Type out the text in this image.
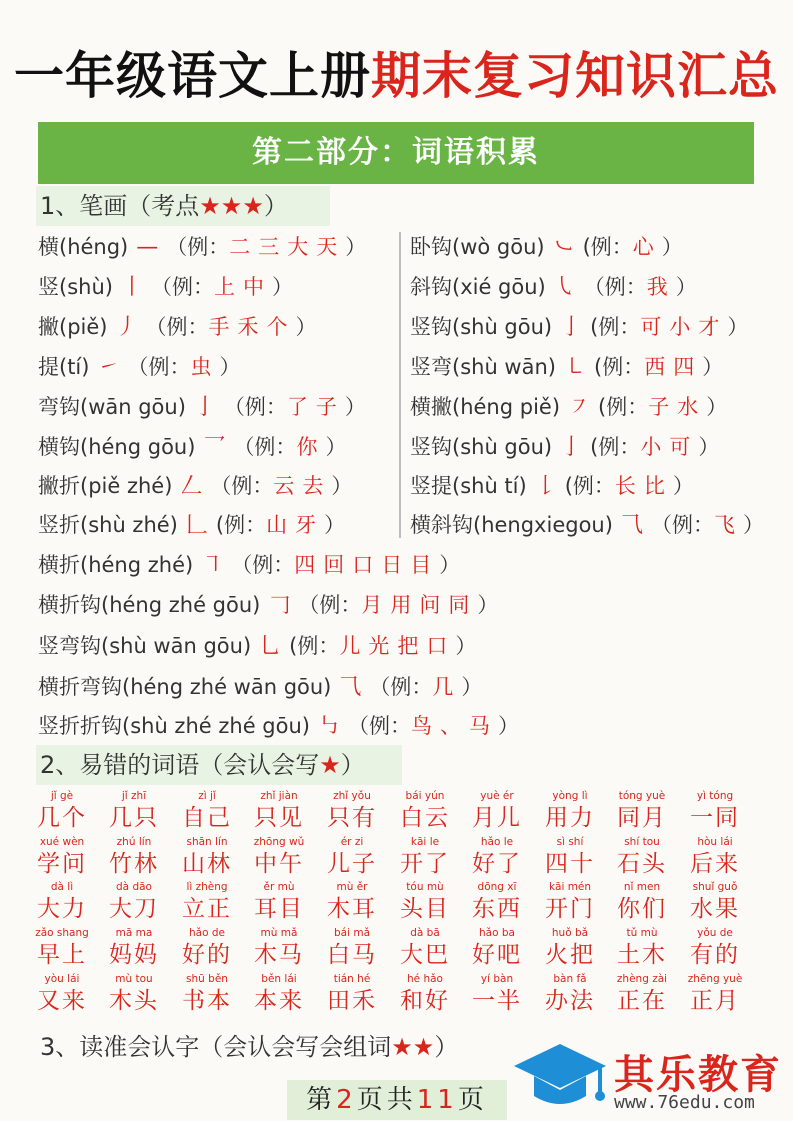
一年级语文上册期末复习知识汇总
第二部分：词语积累
1、笔画（考点★★★）
横(héng) — （例：二三大天）
竖(shù) 丨 （例：上中）
撇(piě) 丿 （例：手禾个）
提(tí) ㇀ （例：虫）
弯钩(wān gōu) 亅 （例：了子）
横钩(héng gōu) 乛 （例：你）
撇折(piě zhé) 𠃋 （例：云去）
竖折(shù zhé) 𠃊 (例：山牙）
卧钩(wò gōu) ㇃ (例：心）
斜钩(xié gōu) ㇂ （例：我）
竖钩(shù gōu) 亅 (例：可小才）
竖弯(shù wān) ㇄ (例：西四）
横撇(héng piě) ㇇ (例：子水）
竖钩(shù gōu) 亅 (例：小可）
竖提(shù tí) 𠄌 (例：长比）
横斜钩(hengxiegou) ⺄ （例：飞）
横折(héng zhé) ㇕ （例：四回口日目）
横折钩(héng zhé gōu) 𠃌 （例：月用问同）
竖弯钩(shù wān gōu) 乚 (例：儿光把口）
横折弯钩(héng zhé wān gōu) ⺄ （例：几）
竖折折钩(shù zhé zhé gōu) ㇉ （例：鸟、马）
2、易错的词语（会认会写★）
jǐ gè
几个
jǐ zhī
几只
zì jǐ
自己
zhǐ jiàn
只见
zhǐ yǒu
只有
bái yún
白云
yuè ér
月儿
yòng lì
用力
tóng yuè
同月
yì tóng
一同
xué wèn
学问
zhú lín
竹林
shān lín
山林
zhōng wǔ
中午
ér zi
儿子
kāi le
开了
hǎo le
好了
sì shí
四十
shí tou
石头
hòu lái
后来
dà lì
大力
dà dāo
大刀
lì zhèng
立正
ěr mù
耳目
mù ěr
木耳
tóu mù
头目
dōng xī
东西
kāi mén
开门
nǐ men
你们
shuǐ guǒ
水果
zǎo shang
早上
mā ma
妈妈
hǎo de
好的
mù mǎ
木马
bái mǎ
白马
dà bā
大巴
hǎo ba
好吧
huǒ bǎ
火把
tǔ mù
土木
yǒu de
有的
yòu lái
又来
mù tou
木头
shū běn
书本
běn lái
本来
tián hé
田禾
hé hǎo
和好
yí bàn
一半
bàn fǎ
办法
zhèng zài
正在
zhēng yuè
正月
3、读准会认字（会认会写会组词★★）
第2页共11页
其乐教育
www.76edu.com
